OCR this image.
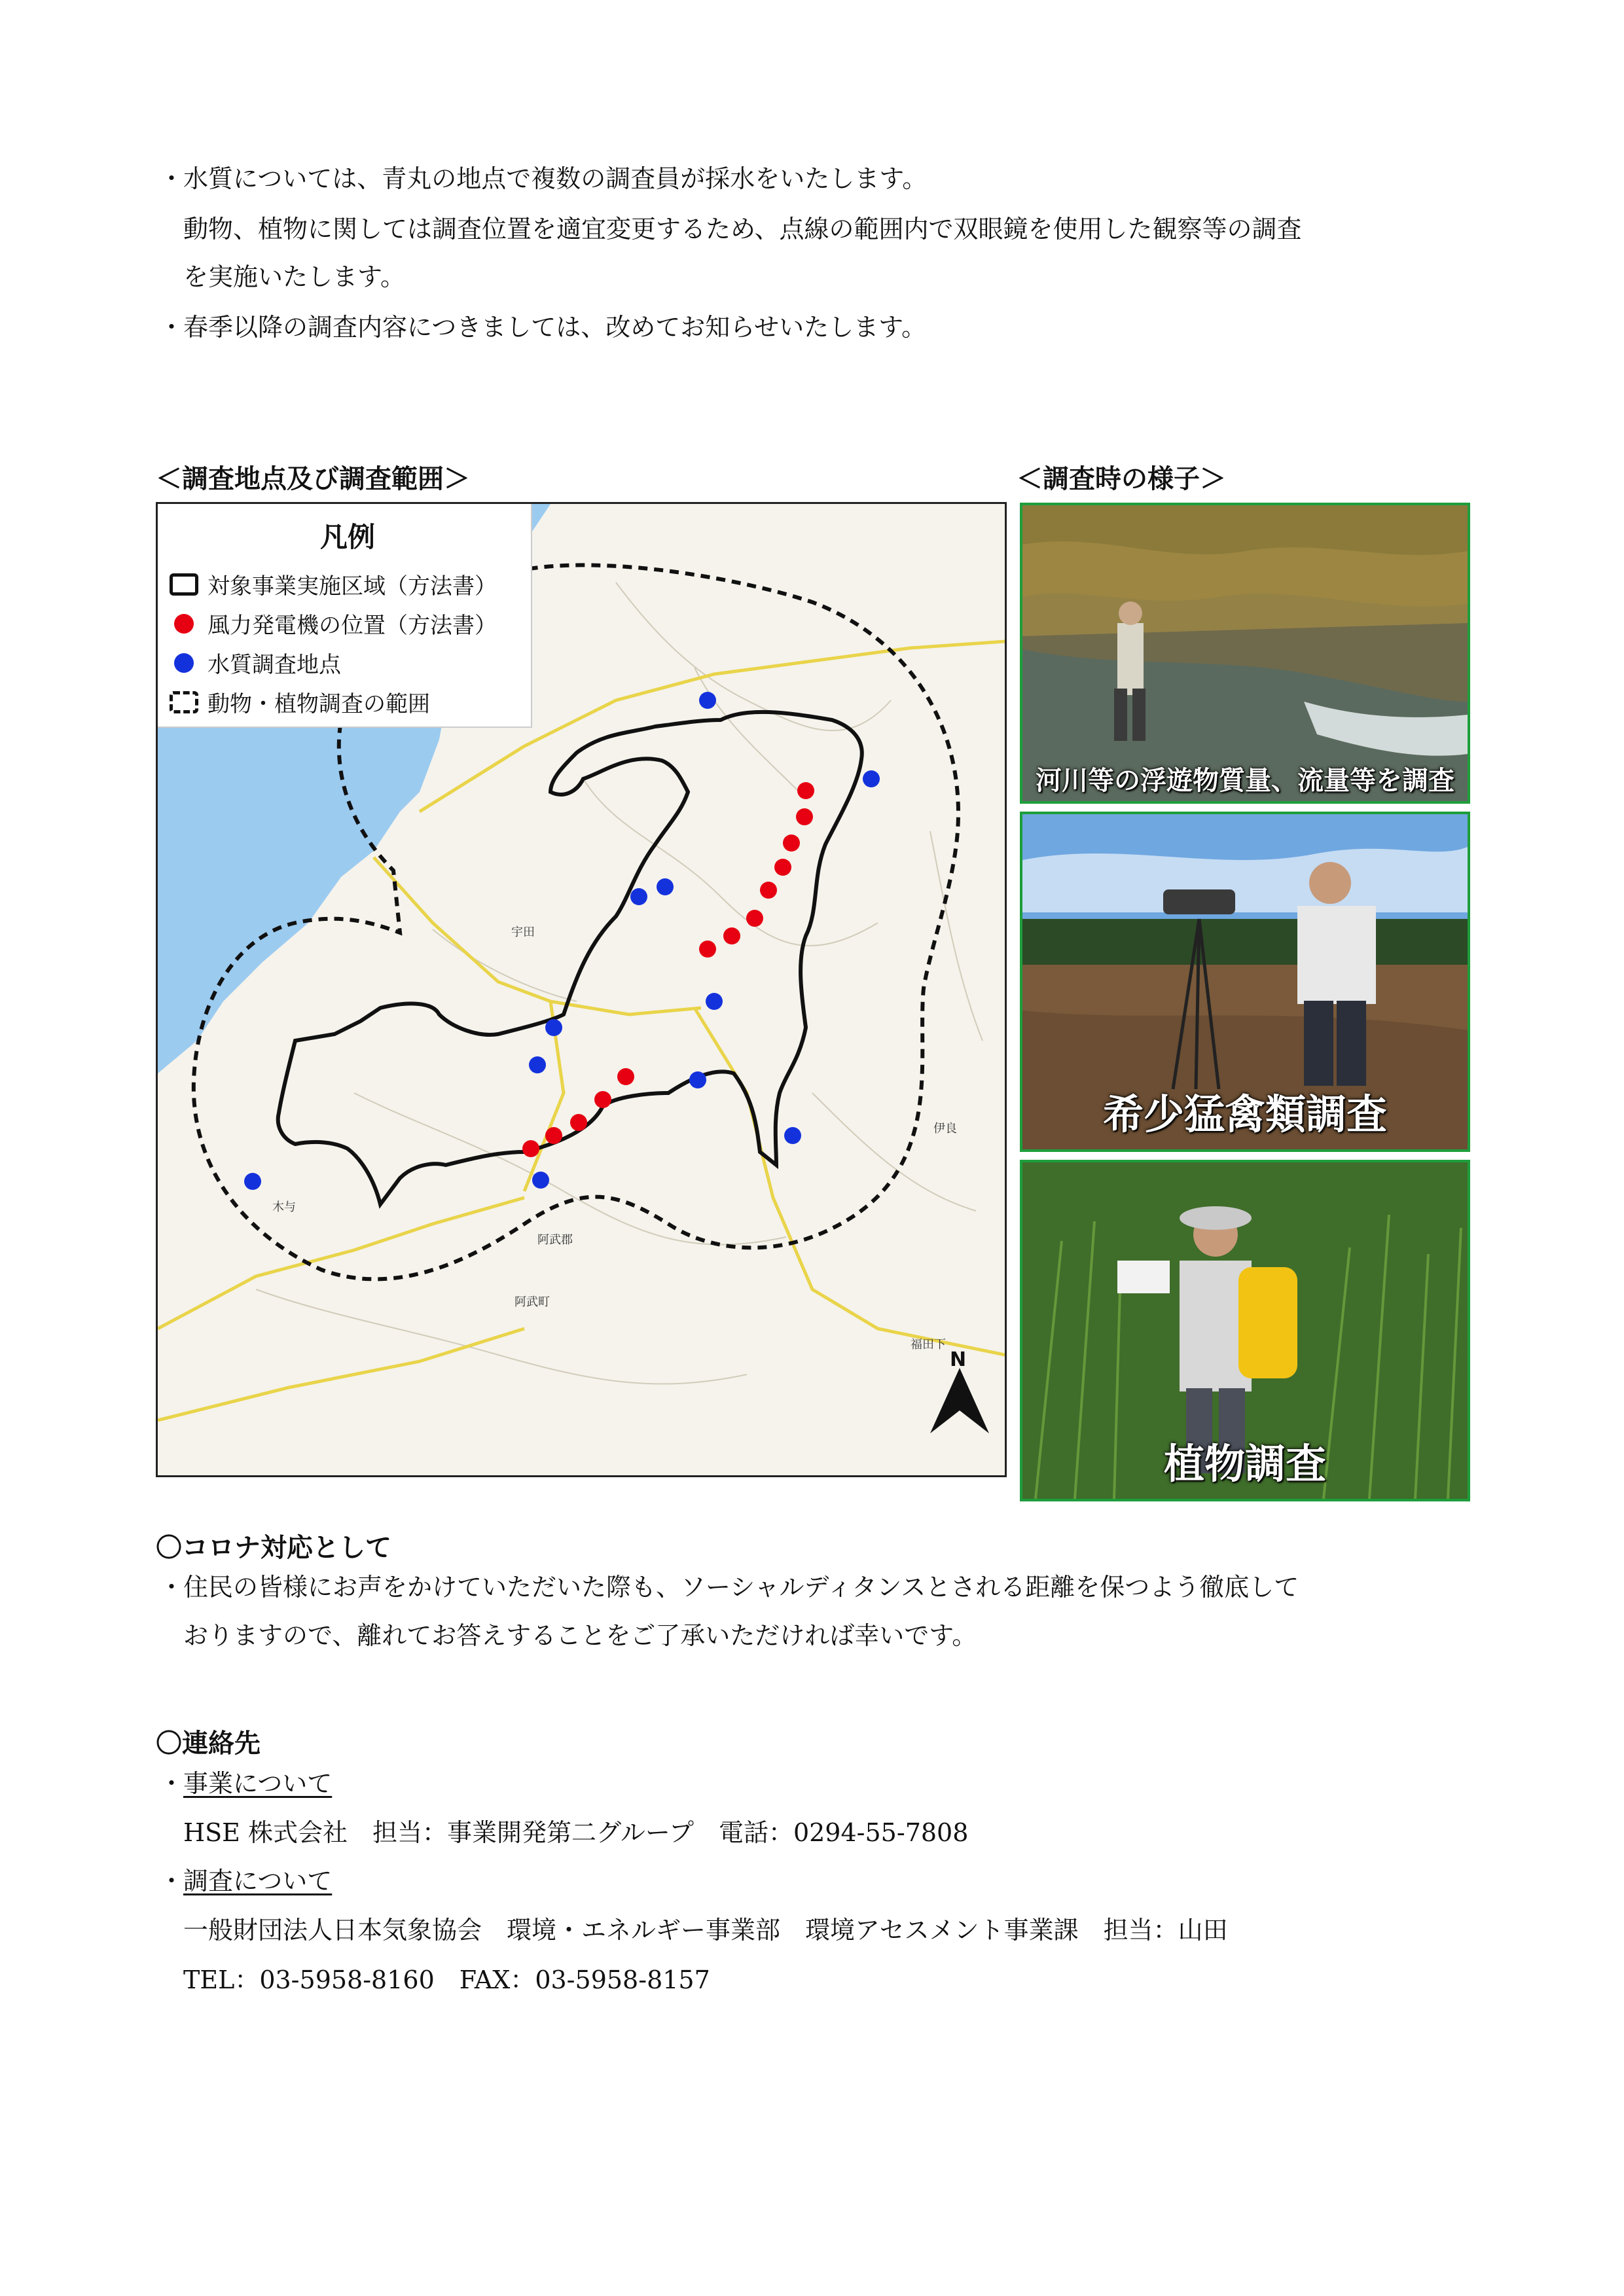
・
水質については、青丸の地点で複数の調査員が採水をいたします。
動物、植物に関しては調査位置を適宜変更するため、点線の範囲内で双眼鏡を使用した観察等の調査
を実施いたします。
・
春季以降の調査内容につきましては、改めてお知らせいたします。
＜調査地点及び調査範囲＞	＜調査時の様子＞
凡例
対象事業実施区域（方法書）
風力発電機の位置（方法書）
水質調査地点
動物・植物調査の範囲
阿武郡
阿武町
木与
宇田
伊良
福田下
N
河川等の浮遊物質量、流量等を調査
希少猛禽類調査
植物調査
〇コロナ対応として
・
住民の皆様にお声をかけていただいた際も、ソーシャルディタンスとされる距離を保つよう徹底して
おりますので、離れてお答えすることをご了承いただければ幸いです。
〇連絡先
・
事業について
HSE 株式会社　担当：事業開発第二グループ　電話：0294-55-7808
・
調査について
一般財団法人日本気象協会　環境・エネルギー事業部　環境アセスメント事業課　担当：山田
TEL：03-5958-8160　FAX：03-5958-8157
